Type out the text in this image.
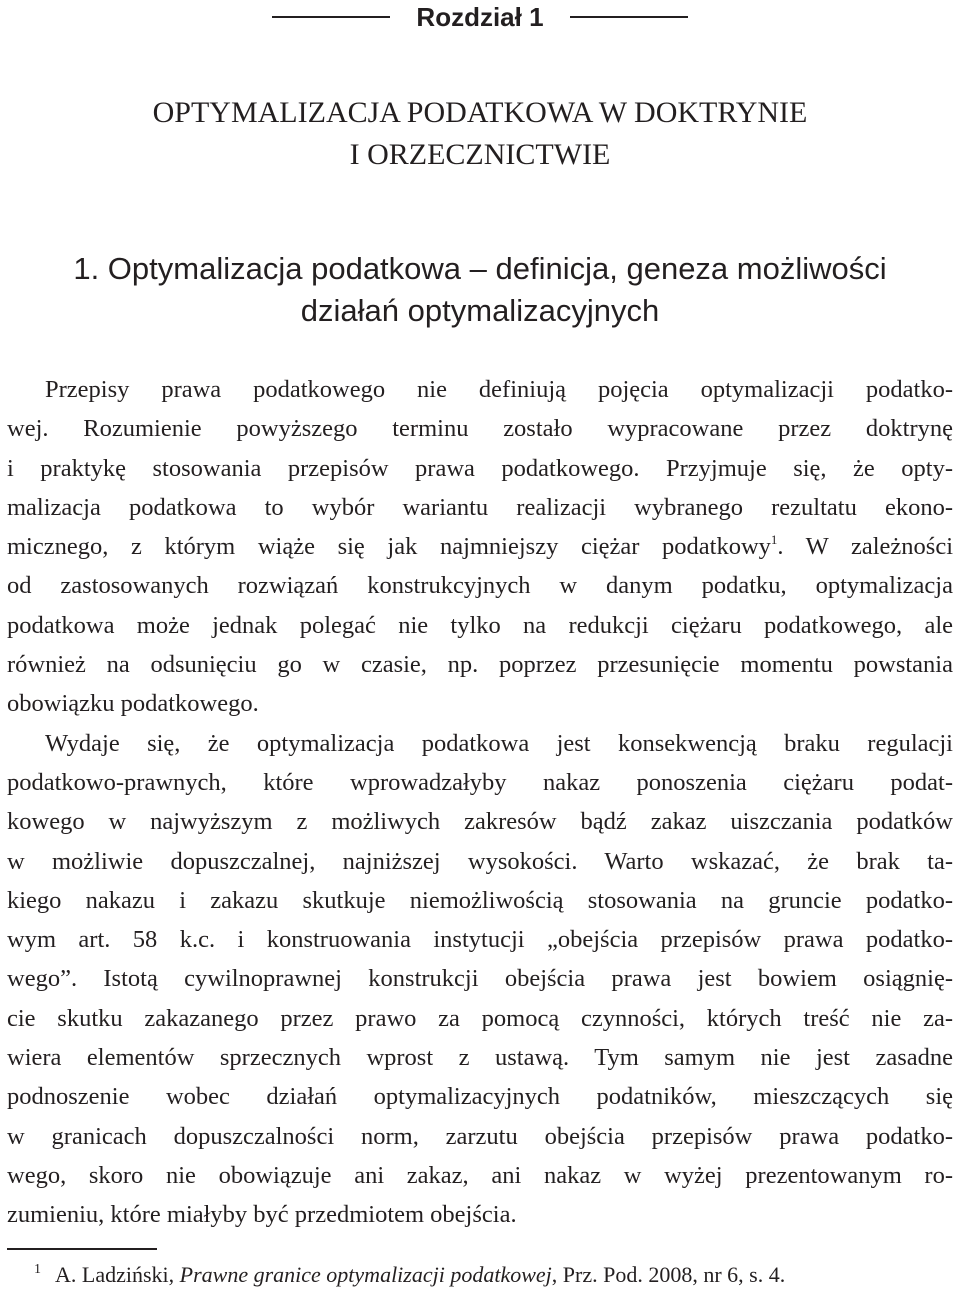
Rozdział 1
OPTYMALIZACJA PODATKOWA W DOKTRYNIE
I ORZECZNICTWIE
1. Optymalizacja podatkowa – definicja, geneza możliwości
działań optymalizacyjnych
Przepisy prawa podatkowego nie definiują pojęcia optymalizacji podatko-
wej. Rozumienie powyższego terminu zostało wypracowane przez doktrynę
i praktykę stosowania przepisów prawa podatkowego. Przyjmuje się, że opty-
malizacja podatkowa to wybór wariantu realizacji wybranego rezultatu ekono-
micznego, z którym wiąże się jak najmniejszy ciężar podatkowy$^1$. W zależności
od zastosowanych rozwiązań konstrukcyjnych w danym podatku, optymalizacja
podatkowa może jednak polegać nie tylko na redukcji ciężaru podatkowego, ale
również na odsunięciu go w czasie, np. poprzez przesunięcie momentu powstania
obowiązku podatkowego.
Wydaje się, że optymalizacja podatkowa jest konsekwencją braku regulacji
podatkowo-prawnych, które wprowadzałyby nakaz ponoszenia ciężaru podat-
kowego w najwyższym z możliwych zakresów bądź zakaz uiszczania podatków
w możliwie dopuszczalnej, najniższej wysokości. Warto wskazać, że brak ta-
kiego nakazu i zakazu skutkuje niemożliwością stosowania na gruncie podatko-
wym art. 58 k.c. i konstruowania instytucji „obejścia przepisów prawa podatko-
wego”. Istotą cywilnoprawnej konstrukcji obejścia prawa jest bowiem osiągnię-
cie skutku zakazanego przez prawo za pomocą czynności, których treść nie za-
wiera elementów sprzecznych wprost z ustawą. Tym samym nie jest zasadne
podnoszenie wobec działań optymalizacyjnych podatników, mieszczących się
w granicach dopuszczalności norm, zarzutu obejścia przepisów prawa podatko-
wego, skoro nie obowiązuje ani zakaz, ani nakaz w wyżej prezentowanym ro-
zumieniu, które miałyby być przedmiotem obejścia.
$^1$ A. Ladziński, Prawne granice optymalizacji podatkowej, Prz. Pod. 2008, nr 6, s. 4.
